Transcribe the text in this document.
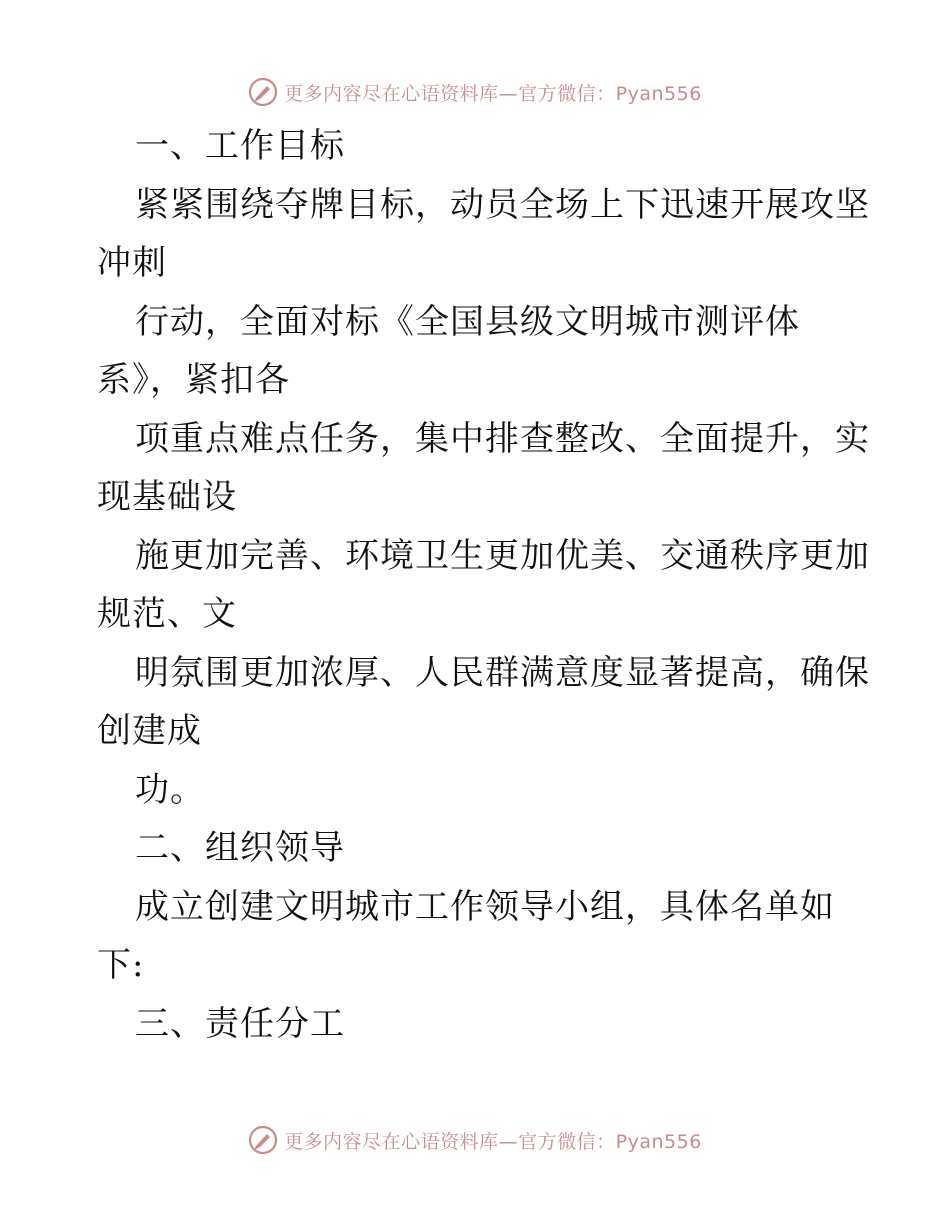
更多内容尽在心语资料库—官方微信：Pyan556
一、工作目标
紧紧围绕夺牌目标，动员全场上下迅速开展攻坚
冲刺
行动，全面对标《全国县级文明城市测评体
系》，紧扣各
项重点难点任务，集中排查整改、全面提升，实
现基础设
施更加完善、环境卫生更加优美、交通秩序更加
规范、文
明氛围更加浓厚、人民群满意度显著提高，确保
创建成
功。
二、组织领导
成立创建文明城市工作领导小组，具体名单如
下:
三、责任分工
更多内容尽在心语资料库—官方微信：Pyan556
